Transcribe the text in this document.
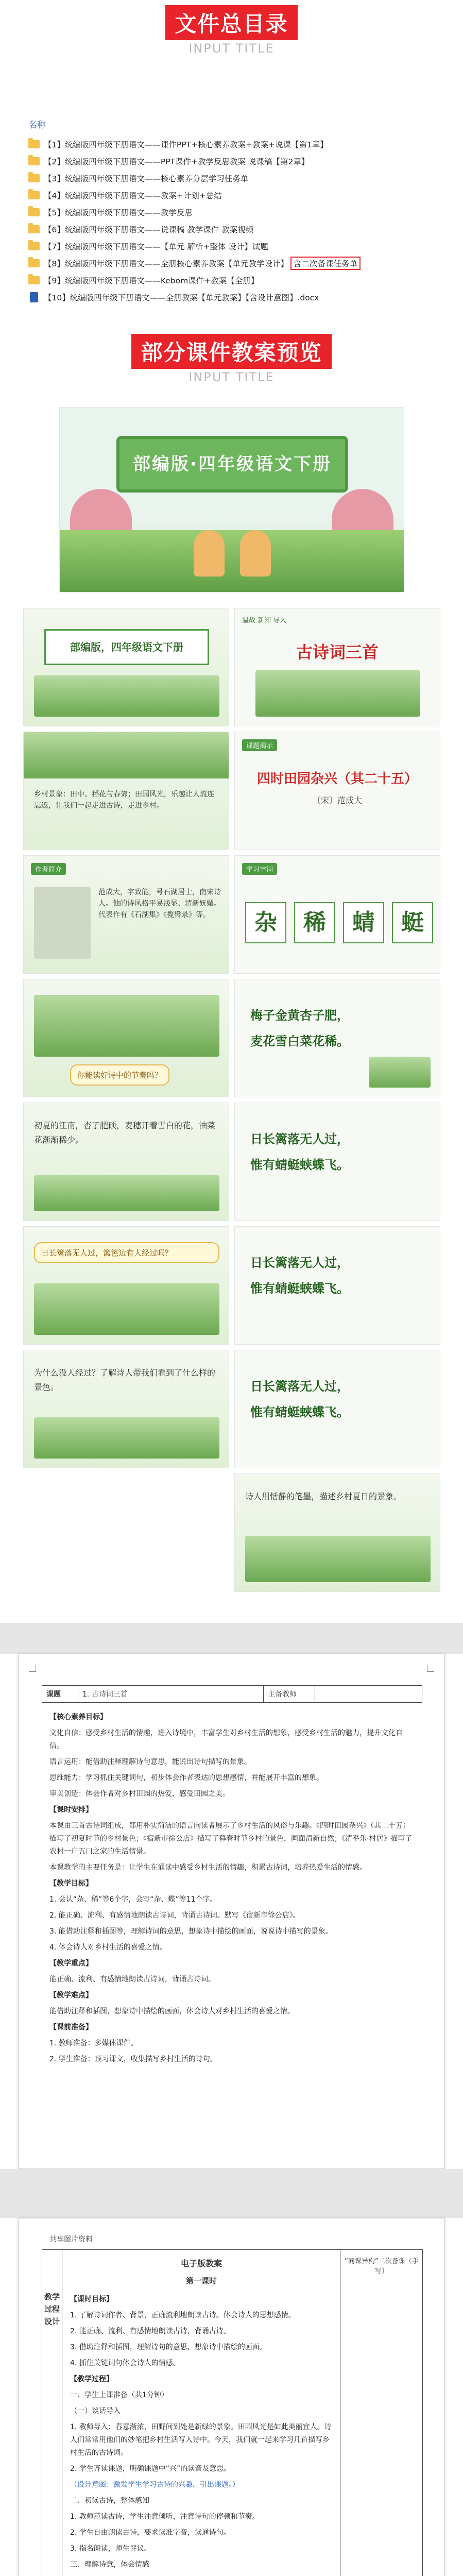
文件总目录
INPUT TITLE
名称
【1】统编版四年级下册语文——课件PPT+核心素养教案+教案+说课【第1章】
【2】统编版四年级下册语文——PPT课件+教学反思教案 说课稿【第2章】
【3】统编版四年级下册语文——核心素养分层学习任务单
【4】统编版四年级下册语文——教案+计划+总结
【5】统编版四年级下册语文——教学反思
【6】统编版四年级下册语文——说课稿 教学课件 教案视频
【7】统编版四年级下册语文——【单元 解析+整体 设计】试题
【8】统编版四年级下册语文——全册核心素养教案【单元教学设计】 含二次备课任务单
【9】统编版四年级下册语文——Kebom课件+教案【全册】
【10】统编版四年级下册语文——全册教案【单元教案】【含设计意图】.docx
部分课件教案预览
INPUT TITLE
部编版·四年级语文下册
部编版，四年级语文下册
温故 新知 导入
古诗词三首
乡村景象：田中、稻花与春郊；田园风光，乐趣让人流连忘返，让我们一起走进古诗，走进乡村。
课题揭示
四时田园杂兴（其二十五）
〔宋〕范成大
作者简介
范成大，字致能，号石湖居士，南宋诗人。他的诗风格平易浅显、清新妩媚。代表作有《石湖集》《揽辔录》等。
学习字词
杂	稀	蜻	蜓
你能读好诗中的节奏吗？
梅子金黄杏子肥，
麦花雪白菜花稀。
初夏的江南，杏子肥硕，麦穗开着雪白的花，油菜花渐渐稀少。	日长篱落无人过，
惟有蜻蜓蛱蝶飞。
日长篱落无人过，篱笆边有人经过吗？
日长篱落无人过，
惟有蜻蜓蛱蝶飞。
为什么没人经过？了解诗人带我们看到了什么样的景色。	日长篱落无人过，
惟有蜻蜓蛱蝶飞。
诗人用恬静的笔墨，描述乡村夏日的景象。
课题	1. 古诗词三首	主备教师	

【核心素养目标】

文化自信：感受乡村生活的情趣，进入诗境中，丰富学生对乡村生活的想象，感受乡村生活的魅力，提升文化自信。

语言运用：能借助注释理解诗句意思，能说出诗句描写的景象。

思维能力：学习抓住关键词句，初步体会作者表达的思想感情，并能展开丰富的想象。

审美创造：体会作者对乡村田园的热爱，感受田园之美。

【课时安排】

本课由三首古诗词组成，都用朴实简洁的语言向读者展示了乡村生活的风俗与乐趣。《四时田园杂兴》（其二十五）描写了初夏时节的乡村景色；《宿新市徐公店》描写了暮春时节乡村的景色，画面清新自然；《清平乐·村居》描写了农村一户五口之家的生活情景。

本课教学的主要任务是：让学生在诵读中感受乡村生活的情趣，积累古诗词，培养热爱生活的情感。

【教学目标】

1. 会认“杂、稀”等6个字，会写“杂、蝶”等11个字。

2. 能正确、流利、有感情地朗读古诗词，背诵古诗词。默写《宿新市徐公店》。

3. 能借助注释和插图等，理解诗词的意思，想象诗中描绘的画面，说说诗中描写的景象。

4. 体会诗人对乡村生活的喜爱之情。

【教学重点】

能正确、流利、有感情地朗读古诗词，背诵古诗词。

【教学难点】

能借助注释和插图，想象诗中描绘的画面，体会诗人对乡村生活的喜爱之情。

【课前准备】

1. 教师准备：多媒体课件。

2. 学生准备：预习课文，收集描写乡村生活的诗句。

共享图片资料
教学过程设计
电子版教案	“同课异构”二次备课（手写）
第一课时

【课时目标】

1. 了解诗词作者、背景，正确流利地朗读古诗。体会诗人的思想感情。

2. 能正确、流利、有感情地朗读古诗，背诵古诗。

3. 借助注释和插图，理解诗句的意思，想象诗中描绘的画面。

4. 抓住关键词句体会诗人的情感。

【教学过程】

一、学生上课准备（共1分钟）

（一）谈话导入

1. 教师导入：春意渐浓，田野间到处是新绿的景象。田园风光是如此美丽宜人。诗人们常常用他们的妙笔把乡村生活写入诗中。今天，我们就一起来学习几首描写乡村生活的古诗词。

2. 学生齐读课题，明确课题中“兴”的读音及意思。

（设计意图：激发学生学习古诗的兴趣，引出课题。）

二、初读古诗，整体感知

1. 教师范读古诗，学生注意倾听，注意诗句的停顿和节奏。

2. 学生自由朗读古诗，要求读准字音，读通诗句。

3. 指名朗读，师生评议。

三、理解诗意，体会情感
